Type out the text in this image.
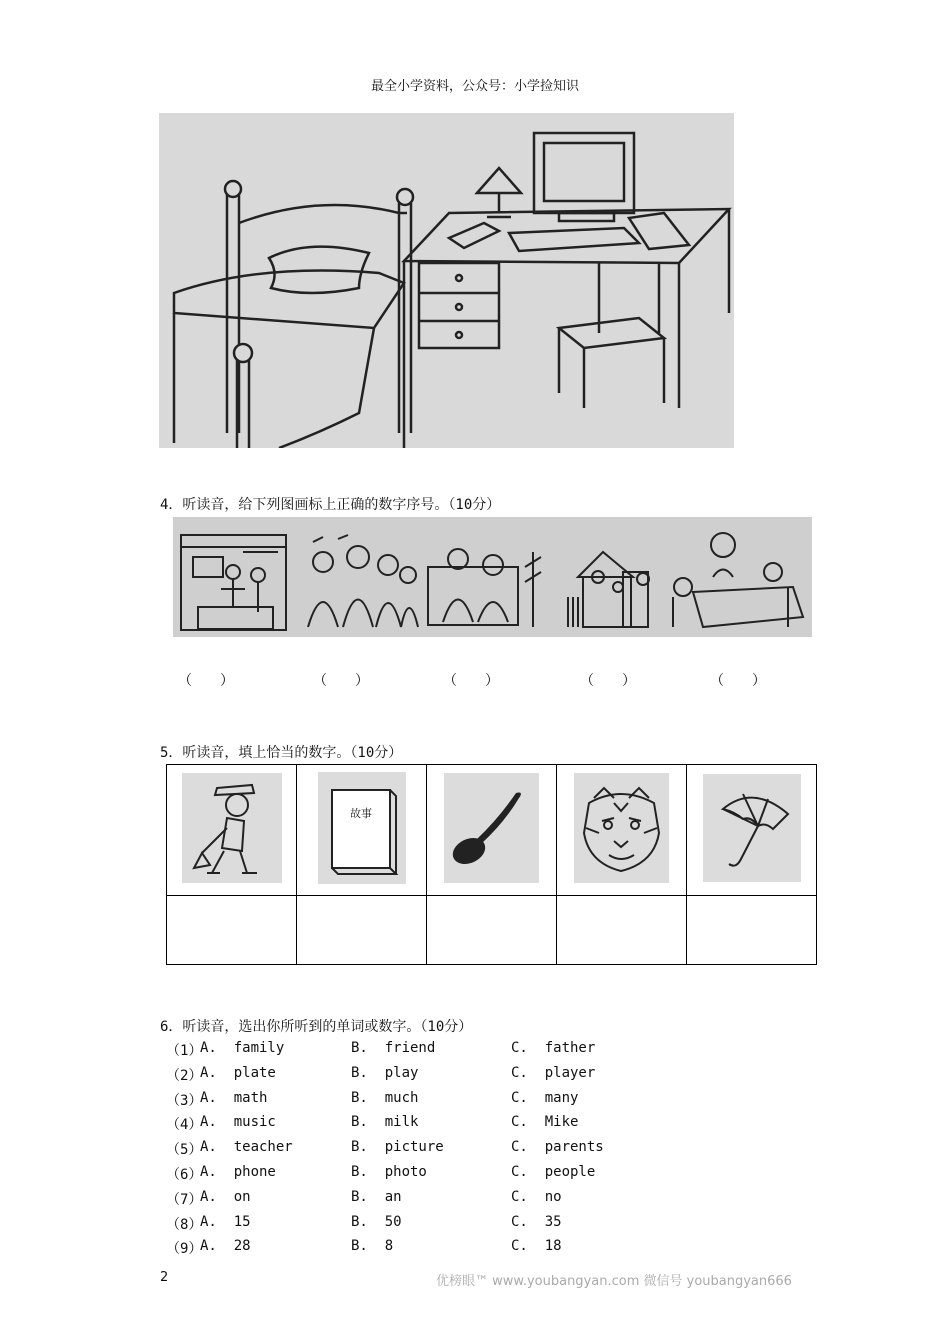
最全小学资料，公众号：小学捡知识
4．听读音，给下列图画标上正确的数字序号。（10分）
（　　）	（　　）	（　　）	（　　）	（　　）
5．听读音，填上恰当的数字。（10分）

故事

6．听读音，选出你所听到的单词或数字。（10分）

（1）

A.  family

	B.  friend

	C.  father

（2）

A.  plate

	B.  play

	C.  player

（3）

A.  math

	B.  much

	C.  many

（4）

A.  music

	B.  milk

	C.  Mike

（5）

A.  teacher

	B.  picture

	C.  parents

（6）

A.  phone

	B.  photo

	C.  people

（7）

A.  on

	B.  an

	C.  no

（8）

A.  15

	B.  50

	C.  35

（9）

A.  28

	B.  8

	C.  18

2	优榜眼™ www.youbangyan.com 微信号 youbangyan666
